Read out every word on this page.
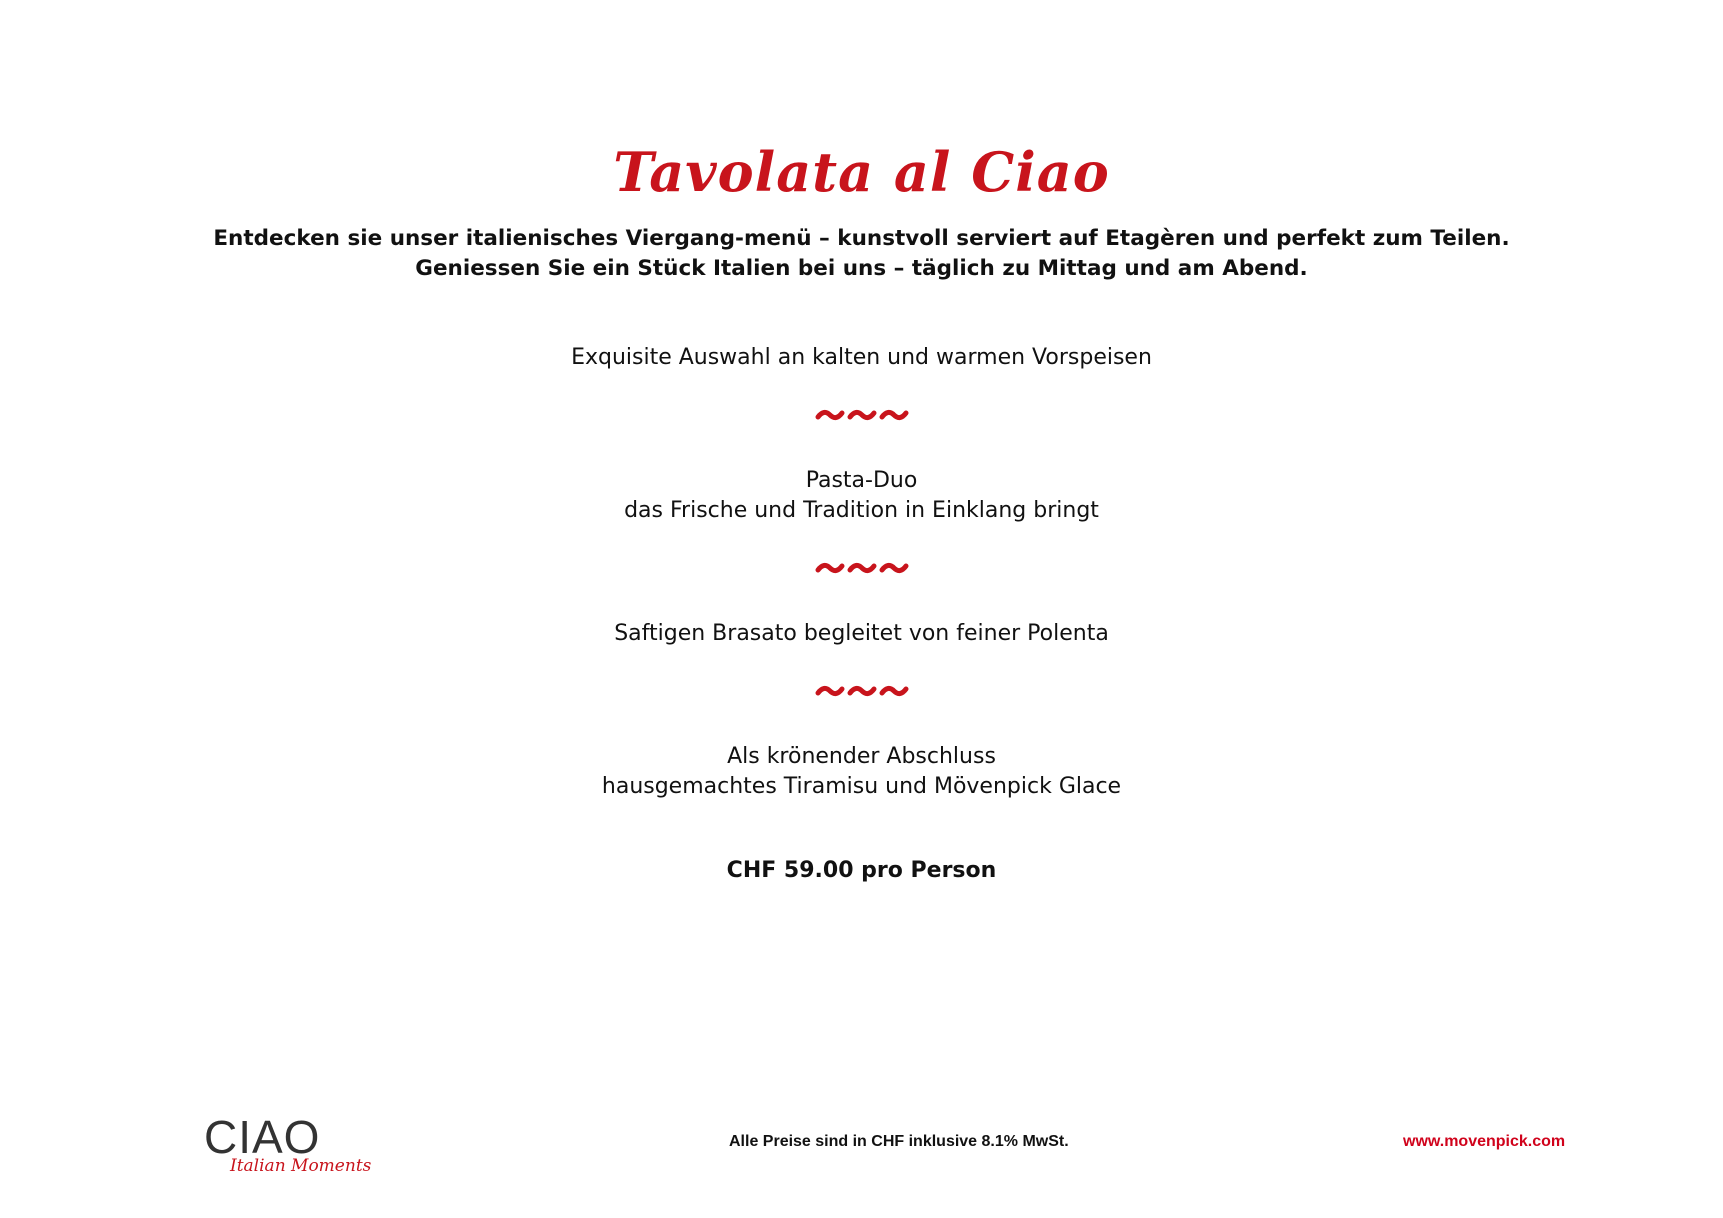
Tavolata al Ciao
Entdecken sie unser italienisches Viergang-menü – kunstvoll serviert auf Etagèren und perfekt zum Teilen.
Geniessen Sie ein Stück Italien bei uns – täglich zu Mittag und am Abend.
Exquisite Auswahl an kalten und warmen Vorspeisen
Pasta-Duo
das Frische und Tradition in Einklang bringt
Saftigen Brasato begleitet von feiner Polenta
Als krönender Abschluss
hausgemachtes Tiramisu und Mövenpick Glace
CHF 59.00 pro Person
CIAO
Italian Moments
Alle Preise sind in CHF inklusive 8.1% MwSt.	www.movenpick.com
